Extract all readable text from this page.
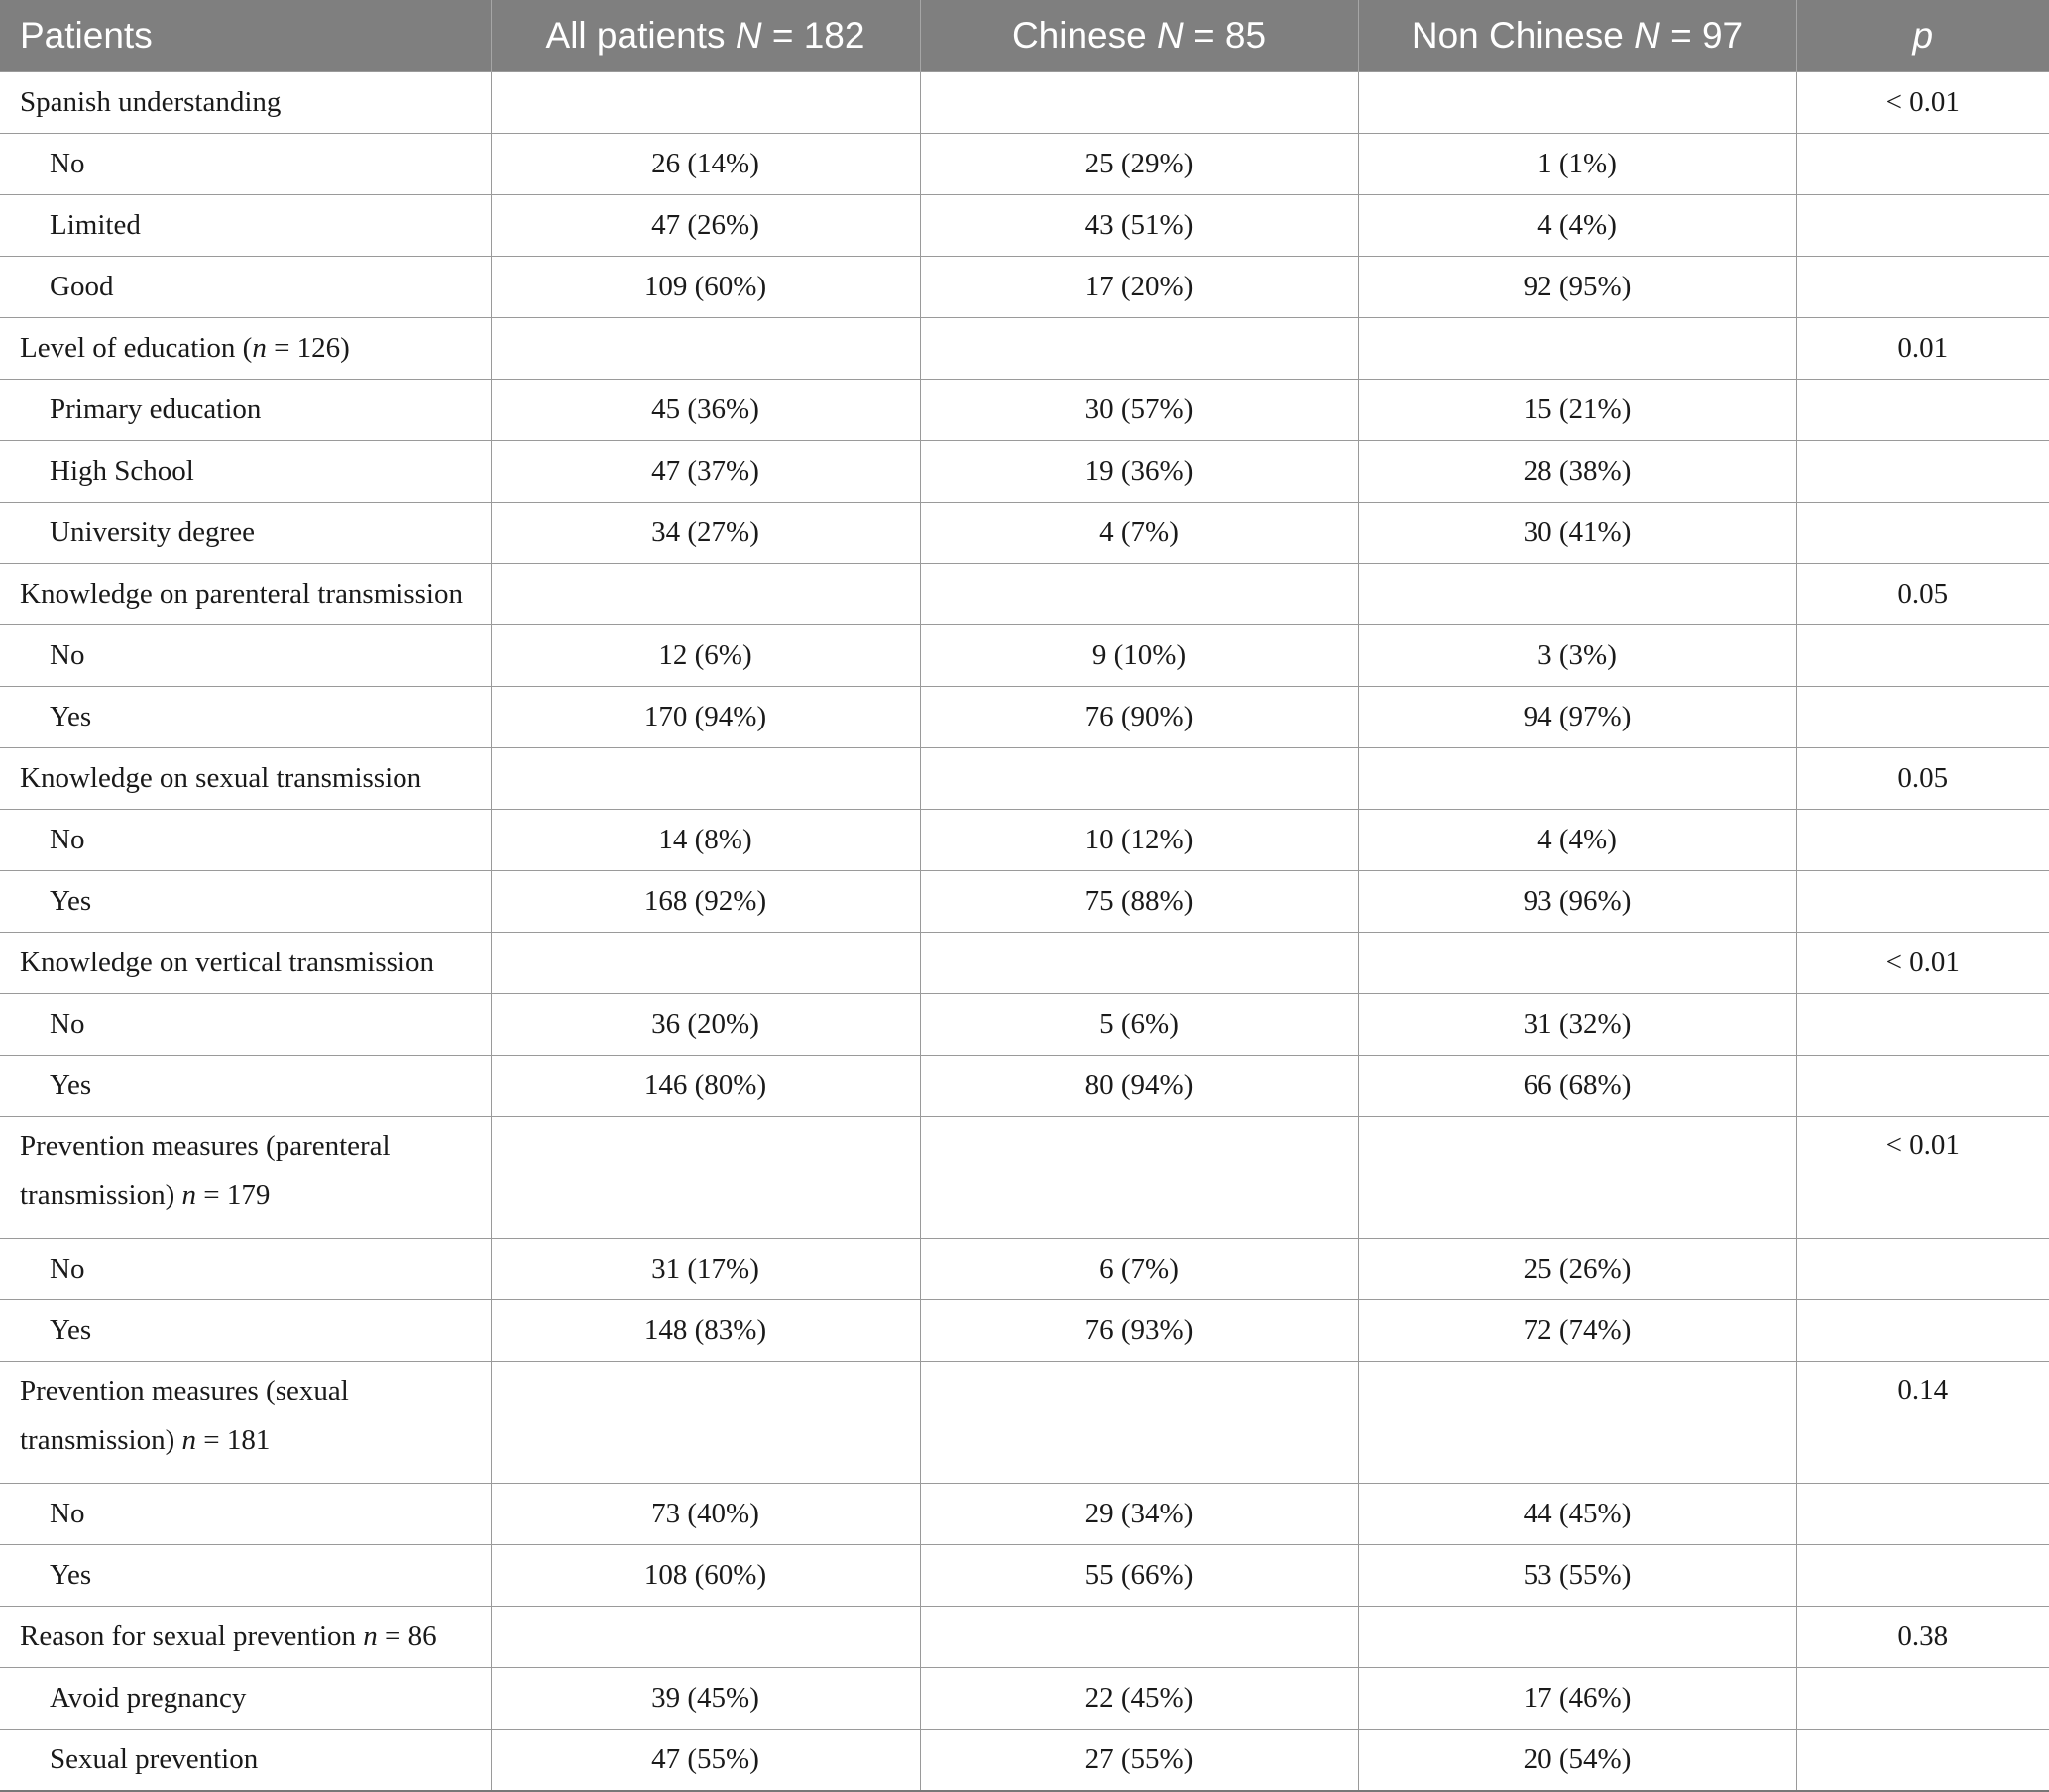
Patients	All patients N = 182	Chinese N = 85	Non Chinese N = 97	p
Spanish understanding				< 0.01
No	26 (14%)	25 (29%)	1 (1%)	
Limited	47 (26%)	43 (51%)	4 (4%)	
Good	109 (60%)	17 (20%)	92 (95%)	
Level of education (n = 126)				0.01
Primary education	45 (36%)	30 (57%)	15 (21%)	
High School	47 (37%)	19 (36%)	28 (38%)	
University degree	34 (27%)	4 (7%)	30 (41%)	
Knowledge on parenteral transmission				0.05
No	12 (6%)	9 (10%)	3 (3%)	
Yes	170 (94%)	76 (90%)	94 (97%)	
Knowledge on sexual transmission				0.05
No	14 (8%)	10 (12%)	4 (4%)	
Yes	168 (92%)	75 (88%)	93 (96%)	
Knowledge on vertical transmission				< 0.01
No	36 (20%)	5 (6%)	31 (32%)	
Yes	146 (80%)	80 (94%)	66 (68%)	
Prevention measures (parenteral
transmission) n = 179				< 0.01
No	31 (17%)	6 (7%)	25 (26%)	
Yes	148 (83%)	76 (93%)	72 (74%)	
Prevention measures (sexual
transmission) n = 181				0.14
No	73 (40%)	29 (34%)	44 (45%)	
Yes	108 (60%)	55 (66%)	53 (55%)	
Reason for sexual prevention n = 86				0.38
Avoid pregnancy	39 (45%)	22 (45%)	17 (46%)	
Sexual prevention	47 (55%)	27 (55%)	20 (54%)	
